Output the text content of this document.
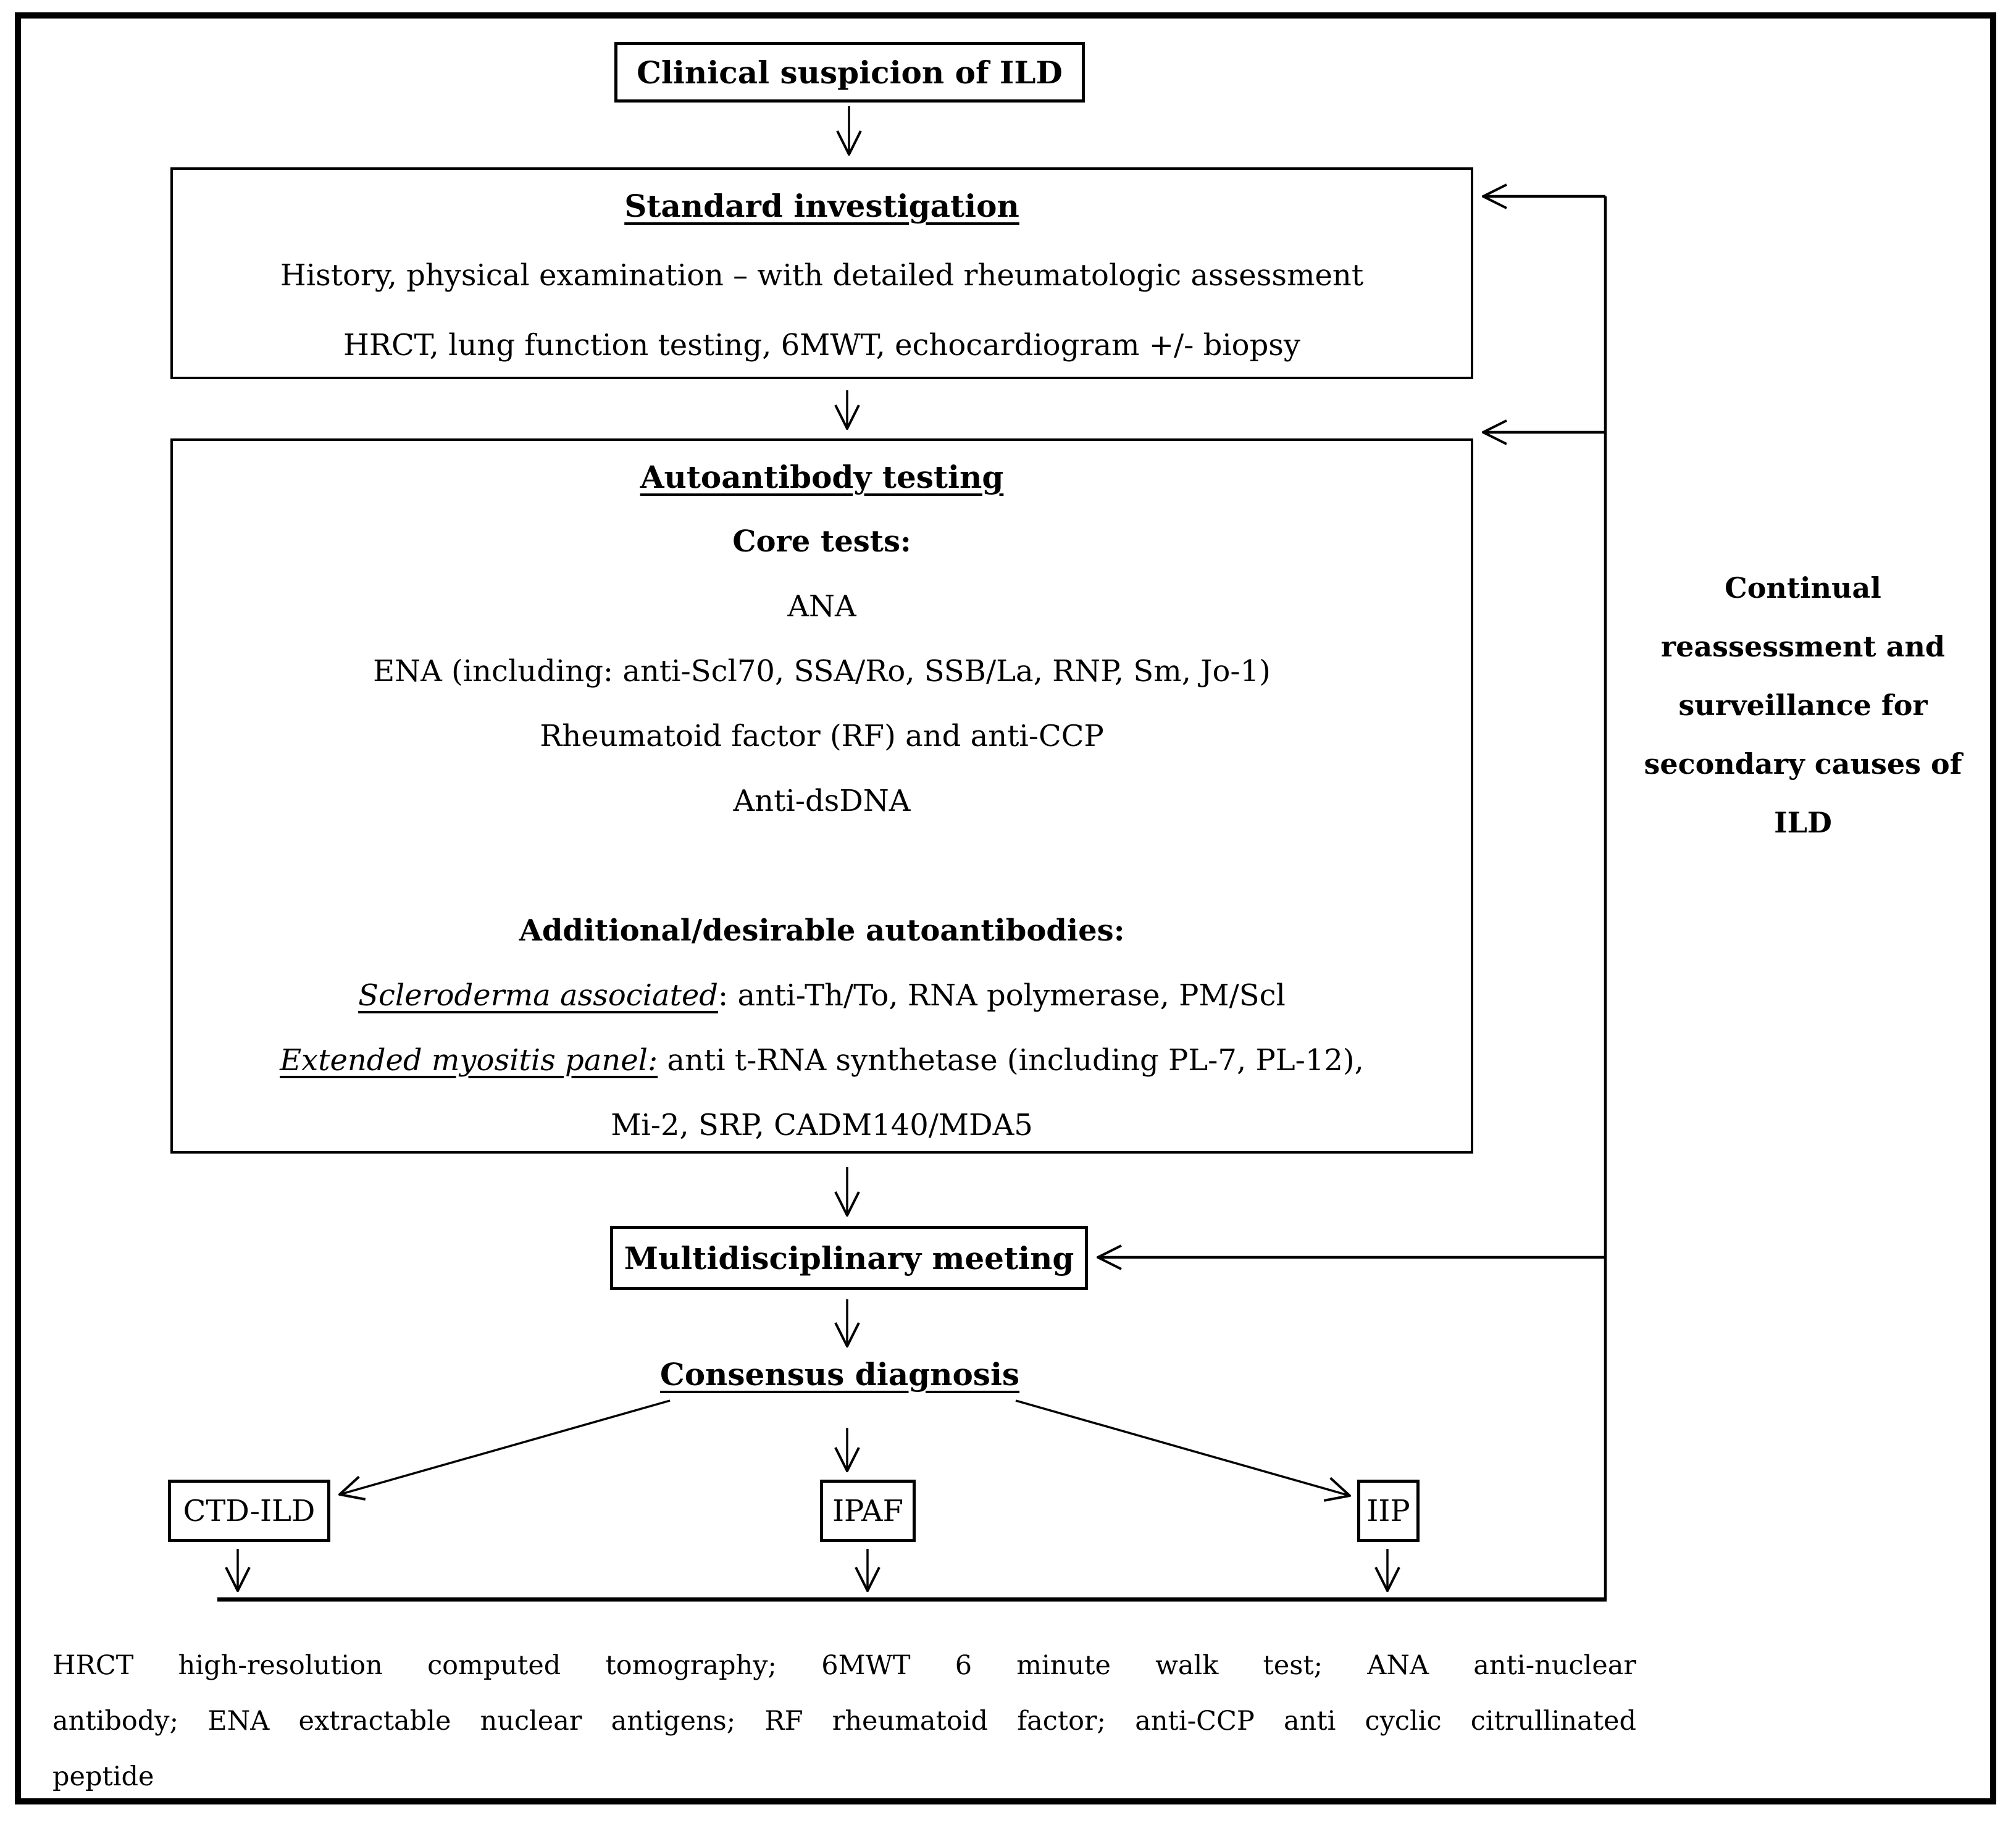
Clinical suspicion of ILD
Standard investigation
History, physical examination – with detailed rheumatologic assessment
HRCT, lung function testing, 6MWT, echocardiogram +/- biopsy
Autoantibody testing
Core tests:
ANA
ENA (including: anti-Scl70, SSA/Ro, SSB/La, RNP, Sm, Jo-1)
Rheumatoid factor (RF) and anti-CCP
Anti-dsDNA

Additional/desirable autoantibodies:
Scleroderma associated: anti-Th/To, RNA polymerase, PM/Scl
Extended myositis panel: anti t-RNA synthetase (including PL-7, PL-12),
Mi-2, SRP, CADM140/MDA5
Multidisciplinary meeting
Consensus diagnosis
CTD-ILD	IPAF	IIP
Continual
reassessment and
surveillance for
secondary causes of
ILD
HRCT high-resolution computed tomography; 6MWT 6 minute walk test; ANA anti-nuclear
antibody; ENA extractable nuclear antigens; RF rheumatoid factor; anti-CCP anti cyclic citrullinated
peptide
